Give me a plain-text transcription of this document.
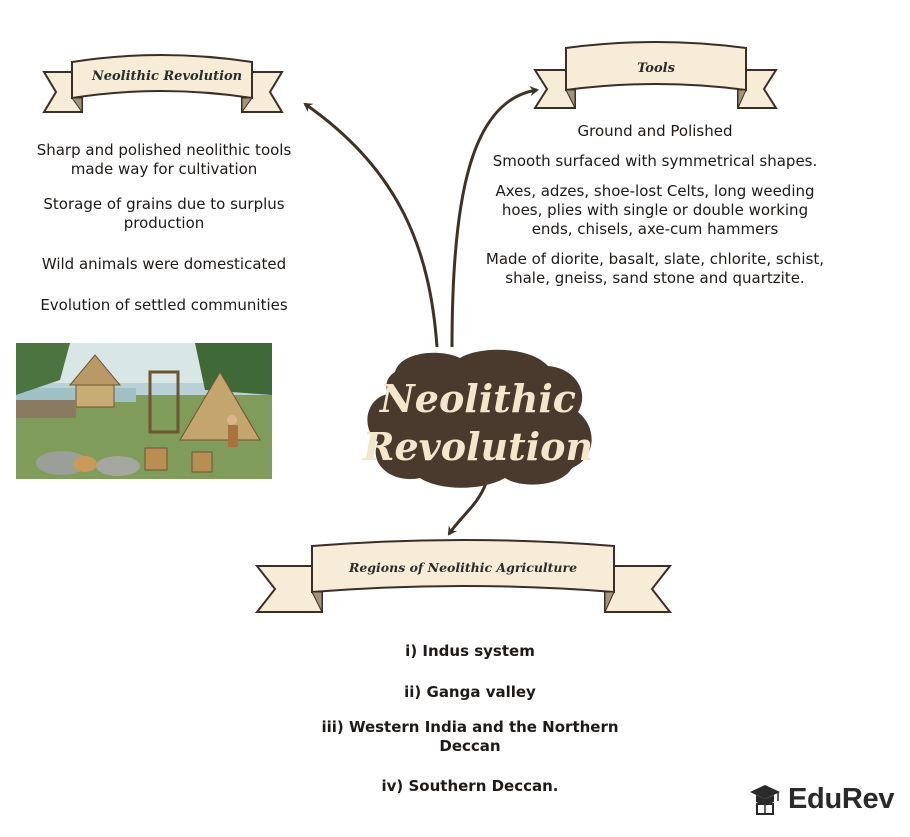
Neolithic Revolution
Tools
Regions of Neolithic Agriculture
Neolithic
Revolution

Sharp and polished neolithic tools made way for cultivation

Storage of grains due to surplus production

Wild animals were domesticated

Evolution of settled communities

Ground and Polished

Smooth surfaced with symmetrical shapes.

Axes, adzes, shoe-lost Celts, long weeding hoes, plies with single or double working ends, chisels, axe-cum hammers

Made of diorite, basalt, slate, chlorite, schist, shale, gneiss, sand stone and quartzite.

i) Indus system

ii) Ganga valley

iii) Western India and the Northern Deccan

iv) Southern Deccan.	EduRev
